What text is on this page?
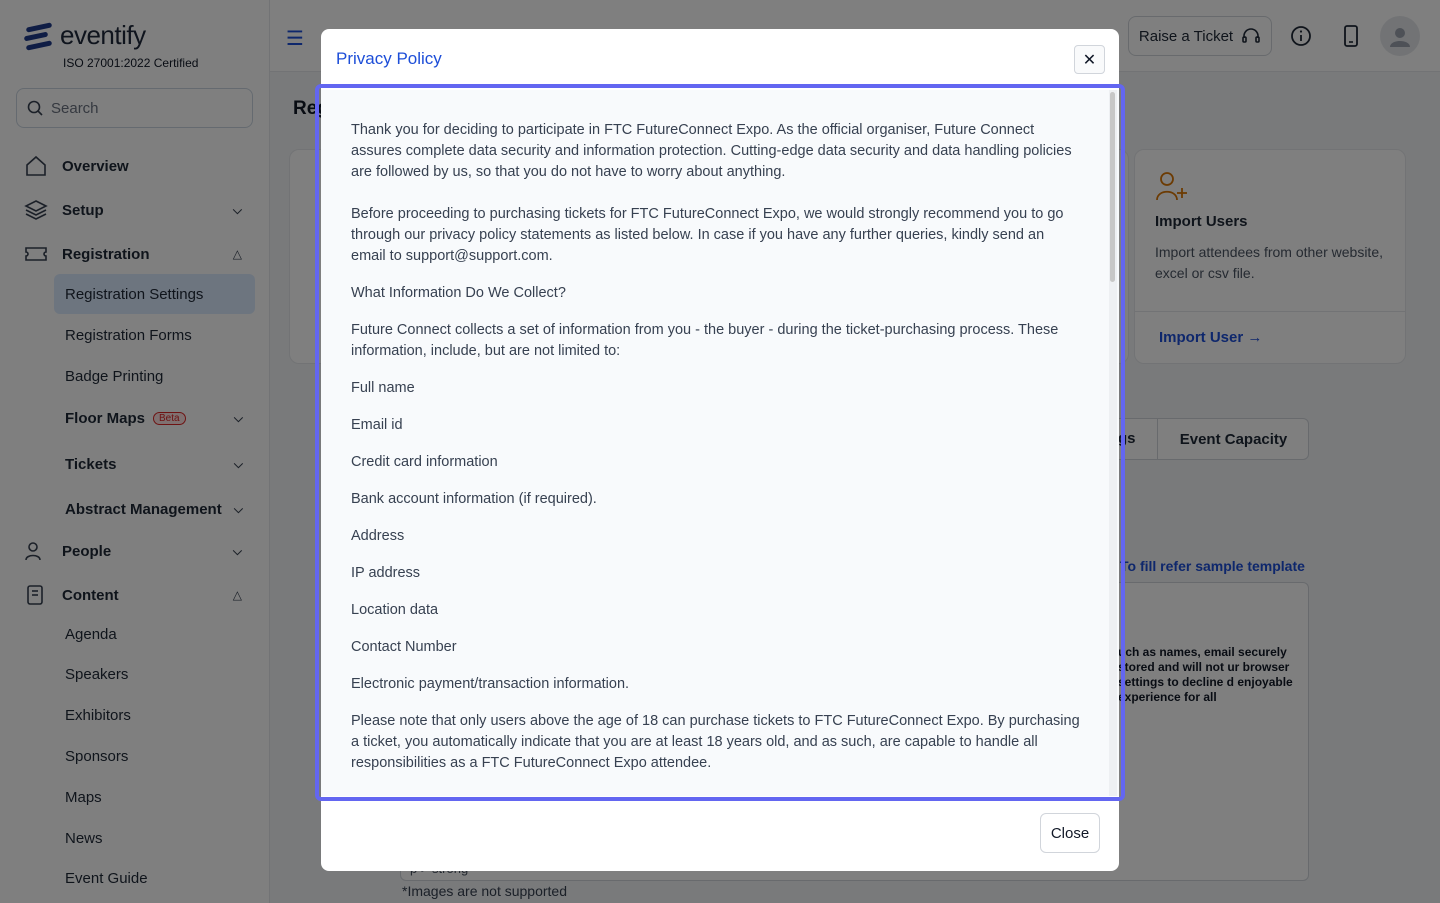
Search
Privacy Policy	✕
Thank you for deciding to participate in FTC FutureConnect Expo. As the official organiser, Future Connect assures complete data security and information protection. Cutting-edge data security and data handling policies are followed by us, so that you do not have to worry about anything.
Before proceeding to purchasing tickets for FTC FutureConnect Expo, we would strongly recommend you to go through our privacy policy statements as listed below. In case if you have any further queries, kindly send an email to support@support.com.
What Information Do We Collect?
Future Connect collects a set of information from you - the buyer - during the ticket-purchasing process. These information, include, but are not limited to:
Full name
Email id
Credit card information
Bank account information (if required).
Address
IP address
Location data
Contact Number
Electronic payment/transaction information.
Please note that only users above the age of 18 can purchase tickets to FTC FutureConnect Expo. By purchasing a ticket, you automatically indicate that you are at least 18 years old, and as such, are capable to handle all responsibilities as a FTC FutureConnect Expo attendee.
Close
